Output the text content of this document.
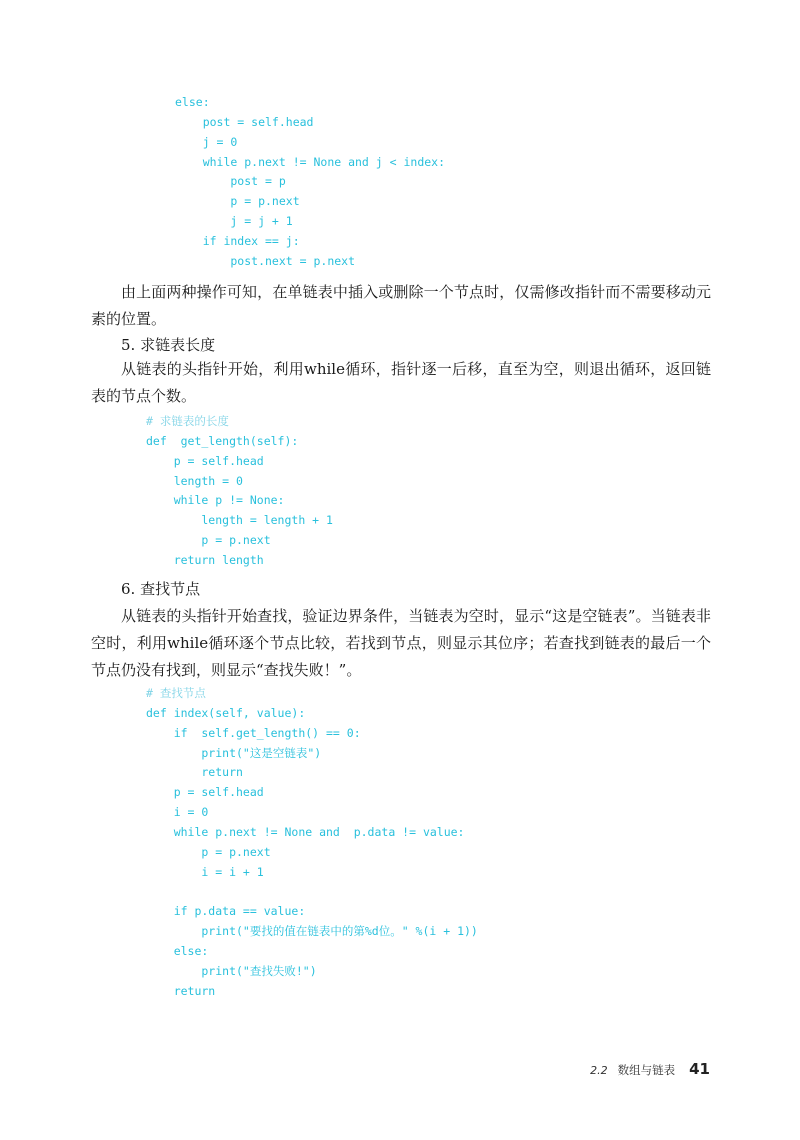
else:
post = self.head
j = 0
while p.next != None and j < index:
post = p
p = p.next
j = j + 1
if index == j:
post.next = p.next

由上面两种操作可知，在单链表中插入或删除一个节点时，仅需修改指针而不需要移动元素的位置。

5. 求链表长度

从链表的头指针开始，利用while循环，指针逐一后移，直至为空，则退出循环，返回链表的节点个数。

# 求链表的长度
def  get_length(self):
p = self.head
length = 0
while p != None:
length = length + 1
p = p.next
return length

6. 查找节点

从链表的头指针开始查找，验证边界条件，当链表为空时，显示“这是空链表”。当链表非空时，利用while循环逐个节点比较，若找到节点，则显示其位序；若查找到链表的最后一个节点仍没有找到，则显示“查找失败！”。

# 查找节点
def index(self, value):
if  self.get_length() == 0:
print("这是空链表")
return
p = self.head
i = 0
while p.next != None and  p.data != value:
p = p.next
i = i + 1
if p.data == value:
print("要找的值在链表中的第%d位。" %(i + 1))
else:
print("查找失败!")
return
2.2 数组与链表 41
